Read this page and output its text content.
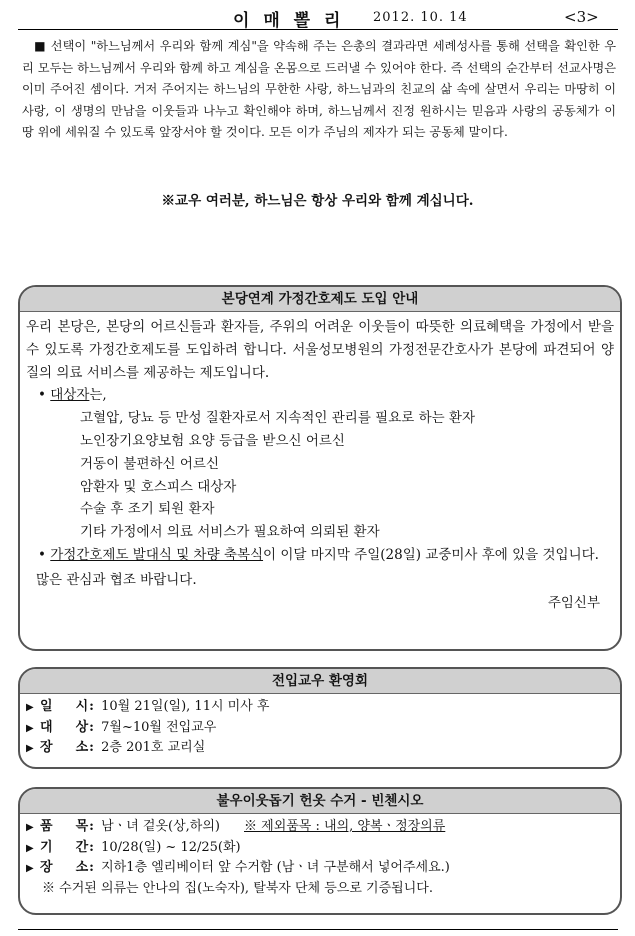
이 매 뽈 리 2012. 10. 14	<3>

■ 선택이 "하느님께서 우리와 함께 계심"을 약속해 주는 은총의 결과라면 세례성사를 통해 선택을 확인한 우리 모두는 하느님께서 우리와 함께 하고 계심을 온몸으로 드러낼 수 있어야 한다. 즉 선택의 순간부터 선교사명은 이미 주어진 셈이다. 거저 주어지는 하느님의 무한한 사랑, 하느님과의 친교의 삶 속에 살면서 우리는 마땅히 이 사랑, 이 생명의 만남을 이웃들과 나누고 확인해야 하며, 하느님께서 진정 원하시는 믿음과 사랑의 공동체가 이 땅 위에 세워질 수 있도록 앞장서야 할 것이다. 모든 이가 주님의 제자가 되는 공동체 말이다.

※교우 여러분, 하느님은 항상 우리와 함께 계십니다.
본당연계 가정간호제도 도입 안내

우리 본당은, 본당의 어르신들과 환자들, 주위의 어려운 이웃들이 따뜻한 의료혜택을 가정에서 받을 수 있도록 가정간호제도를 도입하려 합니다. 서울성모병원의 가정전문간호사가 본당에 파견되어 양질의 의료 서비스를 제공하는 제도입니다.

• 대상자는,

고혈압, 당뇨 등 만성 질환자로서 지속적인 관리를 필요로 하는 환자
노인장기요양보험 요양 등급을 받으신 어르신
거동이 불편하신 어르신
암환자 및 호스피스 대상자
수술 후 조기 퇴원 환자
기타 가정에서 의료 서비스가 필요하여 의뢰된 환자

• 가정간호제도 발대식 및 차량 축복식이 이달 마지막 주일(28일) 교중미사 후에 있을 것입니다.

많은 관심과 협조 바랍니다.

주임신부

전입교우 환영회
▶ 일 시 : 10월 21일(일), 11시 미사 후
▶ 대 상 : 7월~10월 전입교우
▶ 장 소 : 2층 201호 교리실
불우이웃돕기 헌옷 수거 - 빈첸시오
▶ 품 목 : 남ㆍ녀 겉옷(상,하의) ※ 제외품목 : 내의, 양복ㆍ정장의류
▶ 기 간 : 10/28(일) ~ 12/25(화)
▶ 장 소 : 지하1층 엘리베이터 앞 수거함 (남ㆍ녀 구분해서 넣어주세요.)
※ 수거된 의류는 안나의 집(노숙자), 탈북자 단체 등으로 기증됩니다.
